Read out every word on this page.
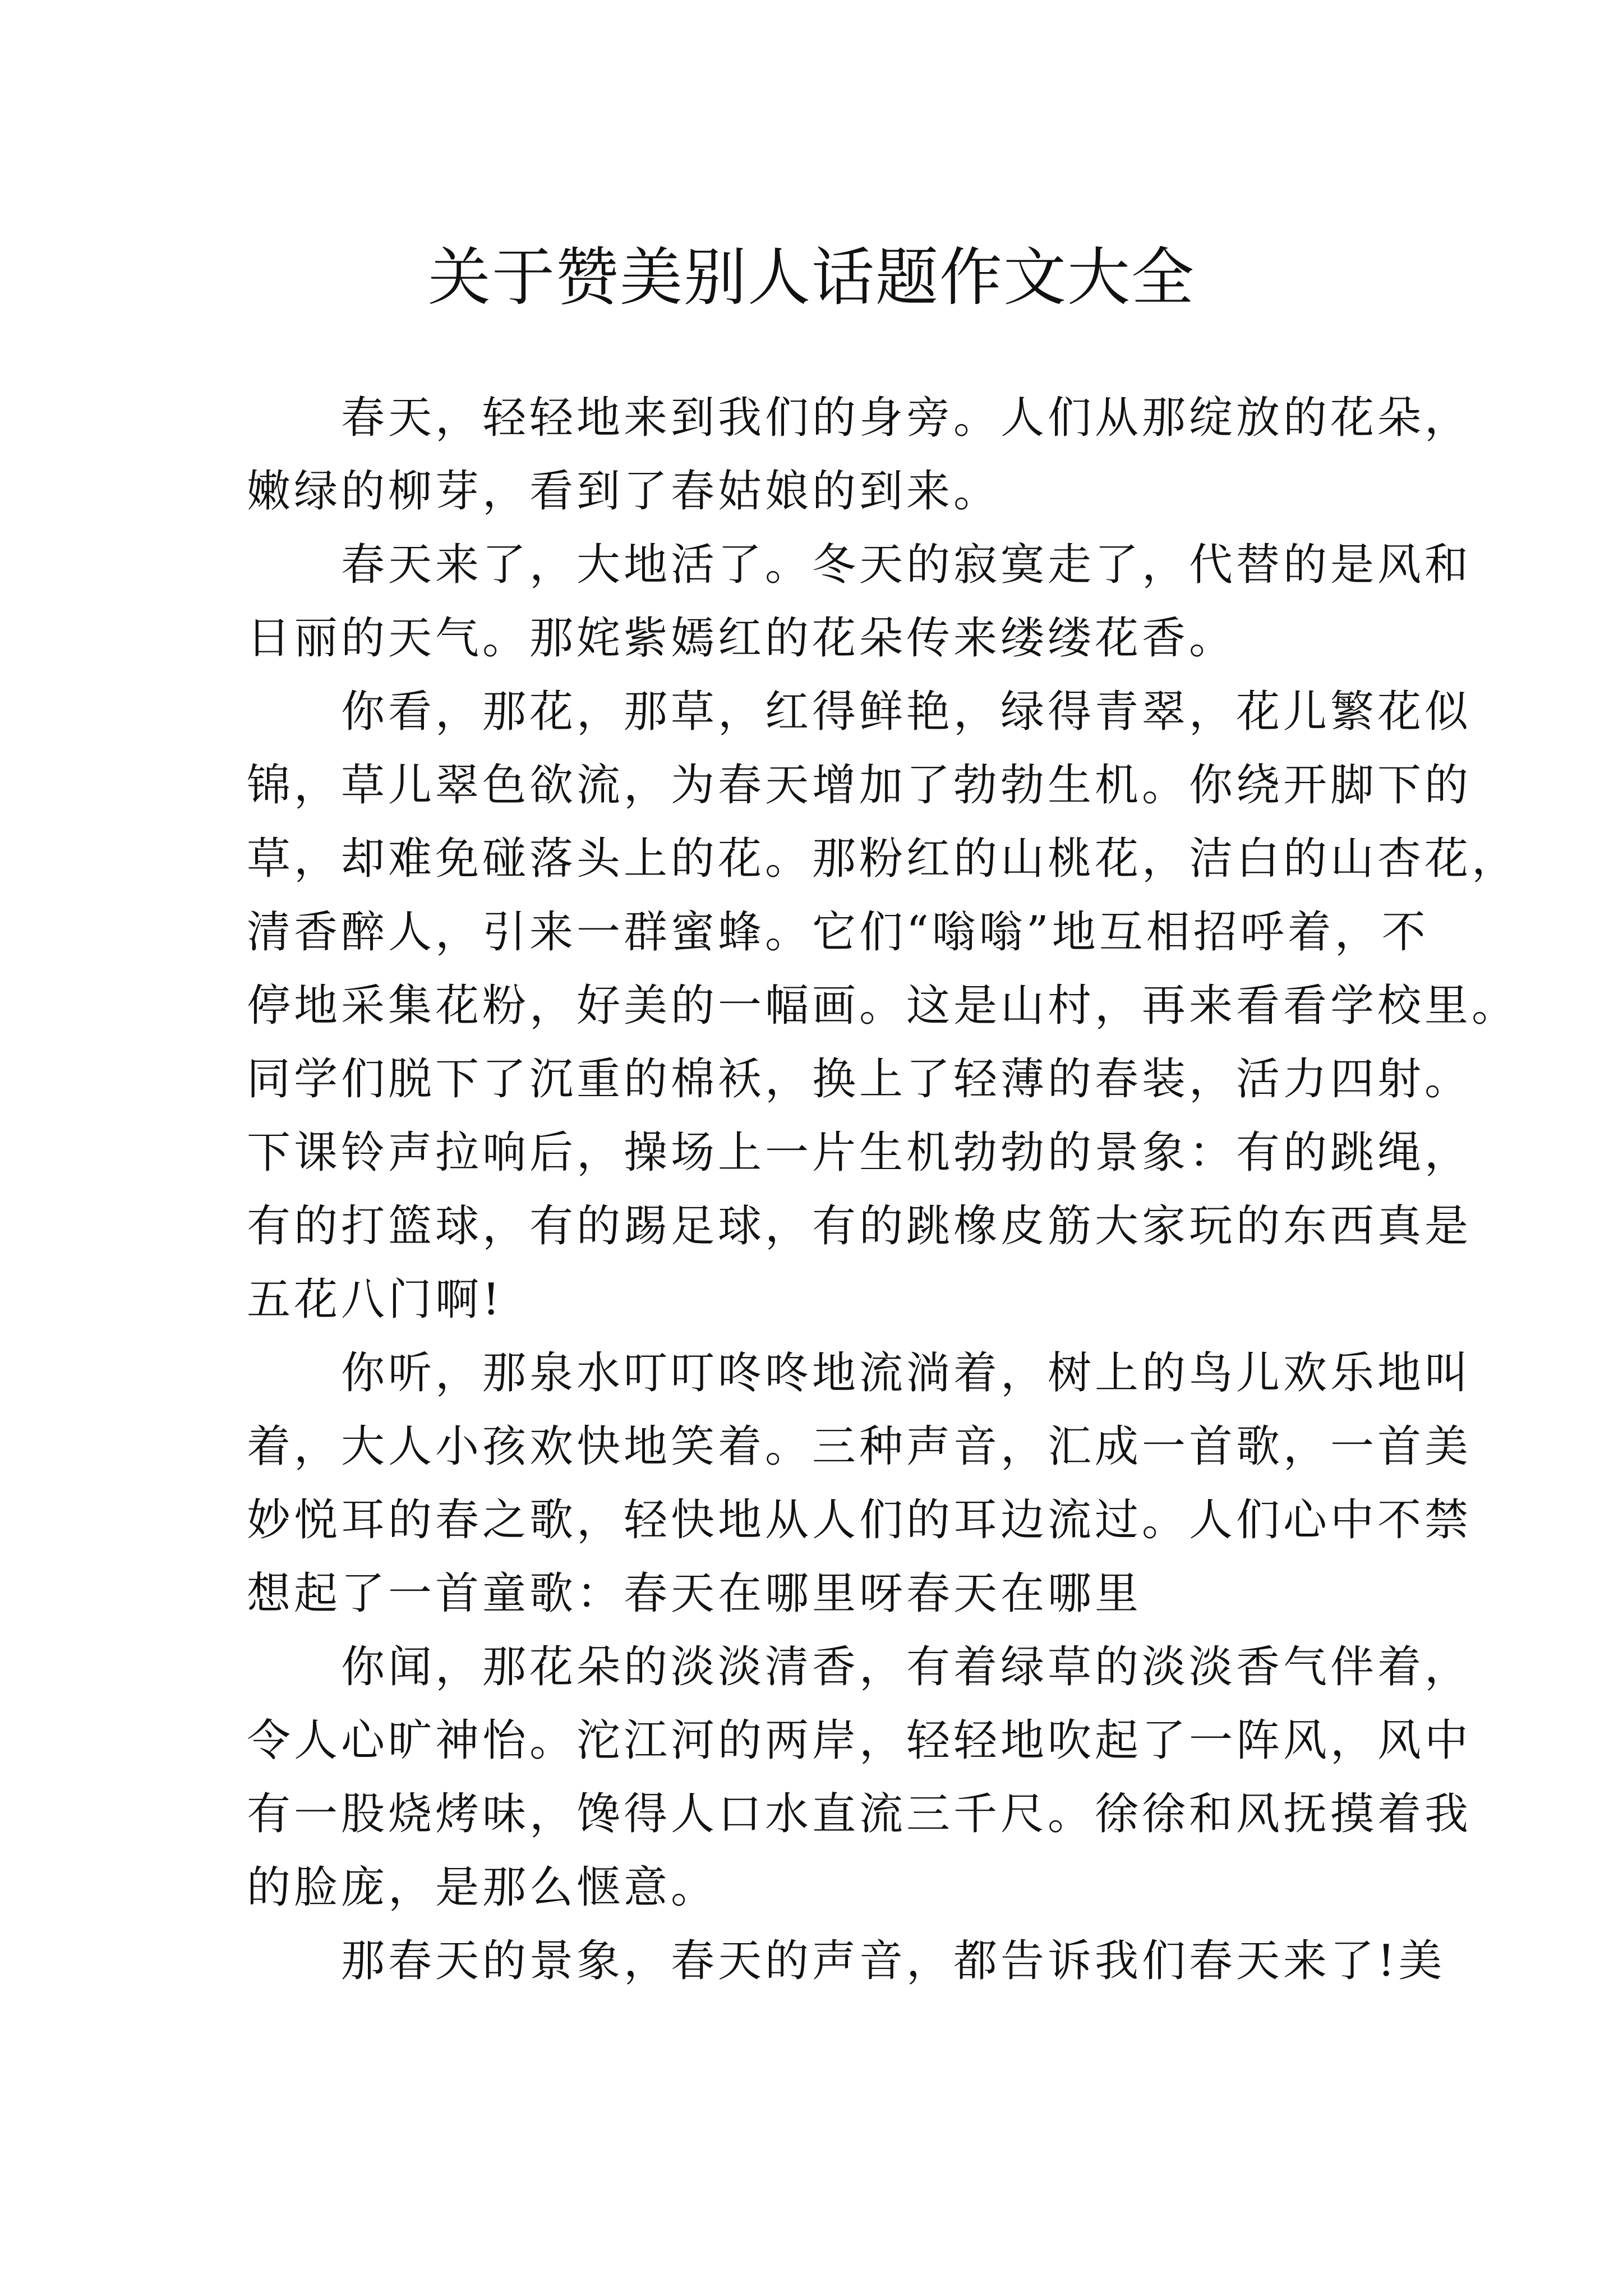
关于赞美别人话题作文大全
春天，轻轻地来到我们的身旁。人们从那绽放的花朵，
嫩绿的柳芽，看到了春姑娘的到来。
春天来了，大地活了。冬天的寂寞走了，代替的是风和
日丽的天气。那姹紫嫣红的花朵传来缕缕花香。
你看，那花，那草，红得鲜艳，绿得青翠，花儿繁花似
锦，草儿翠色欲流，为春天增加了勃勃生机。你绕开脚下的
草，却难免碰落头上的花。那粉红的山桃花，洁白的山杏花，
清香醉人，引来一群蜜蜂。它们“嗡嗡”地互相招呼着，不
停地采集花粉，好美的一幅画。这是山村，再来看看学校里。
同学们脱下了沉重的棉袄，换上了轻薄的春装，活力四射。
下课铃声拉响后，操场上一片生机勃勃的景象：有的跳绳，
有的打篮球，有的踢足球，有的跳橡皮筋大家玩的东西真是
五花八门啊!
你听，那泉水叮叮咚咚地流淌着，树上的鸟儿欢乐地叫
着，大人小孩欢快地笑着。三种声音，汇成一首歌，一首美
妙悦耳的春之歌，轻快地从人们的耳边流过。人们心中不禁
想起了一首童歌：春天在哪里呀春天在哪里
你闻，那花朵的淡淡清香，有着绿草的淡淡香气伴着，
令人心旷神怡。沱江河的两岸，轻轻地吹起了一阵风，风中
有一股烧烤味，馋得人口水直流三千尺。徐徐和风抚摸着我
的脸庞，是那么惬意。
那春天的景象，春天的声音，都告诉我们春天来了!美
